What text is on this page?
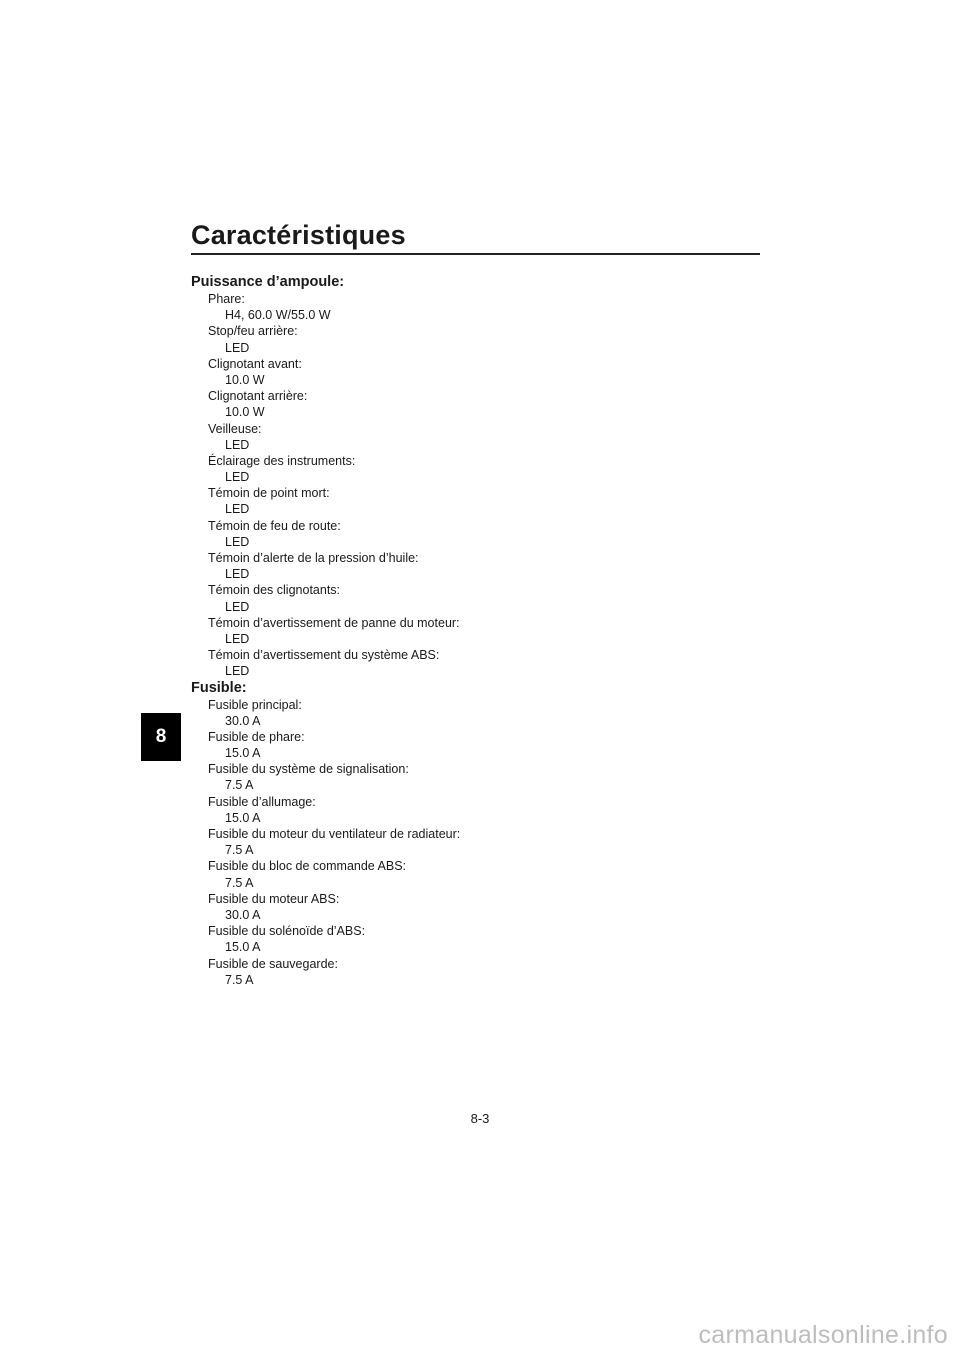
Caractéristiques
8
Puissance d’ampoule:
Phare:
H4, 60.0 W/55.0 W
Stop/feu arrière:
LED
Clignotant avant:
10.0 W
Clignotant arrière:
10.0 W
Veilleuse:
LED
Éclairage des instruments:
LED
Témoin de point mort:
LED
Témoin de feu de route:
LED
Témoin d’alerte de la pression d’huile:
LED
Témoin des clignotants:
LED
Témoin d’avertissement de panne du moteur:
LED
Témoin d’avertissement du système ABS:
LED
Fusible:
Fusible principal:
30.0 A
Fusible de phare:
15.0 A
Fusible du système de signalisation:
7.5 A
Fusible d’allumage:
15.0 A
Fusible du moteur du ventilateur de radiateur:
7.5 A
Fusible du bloc de commande ABS:
7.5 A
Fusible du moteur ABS:
30.0 A
Fusible du solénoïde d’ABS:
15.0 A
Fusible de sauvegarde:
7.5 A
8-3
carmanualsonline.info
